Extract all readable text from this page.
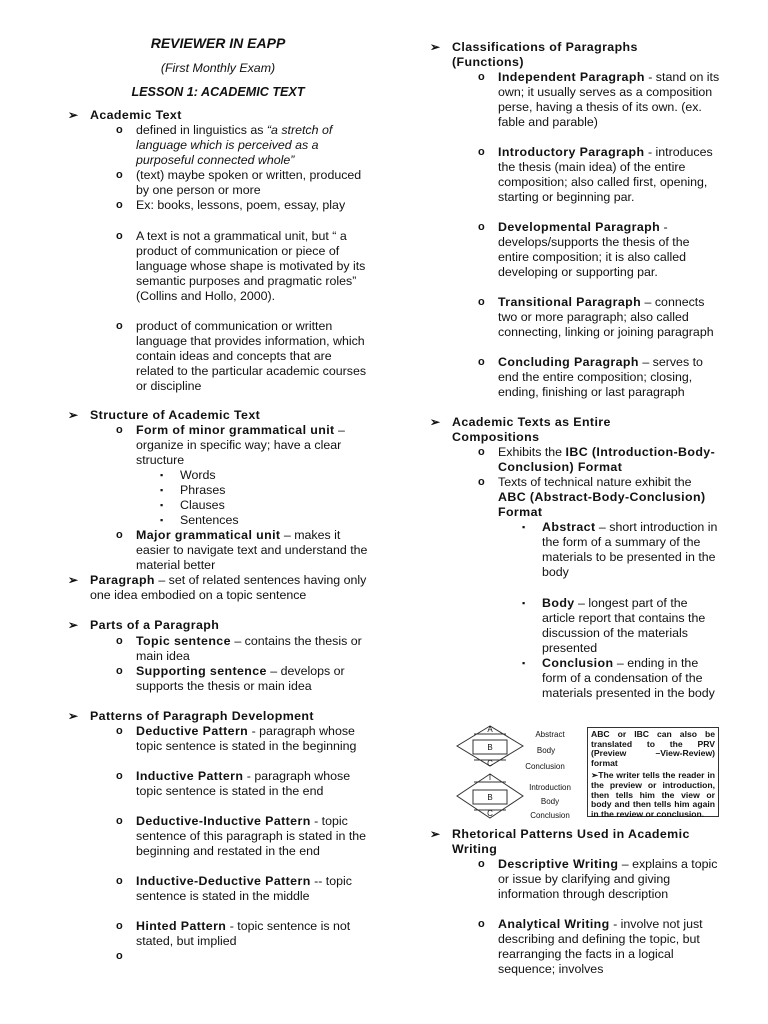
REVIEWER IN EAPP
(First Monthly Exam)
LESSON 1: ACADEMIC TEXT
➢ Academic Text
o defined in linguistics as “a stretch of language which is perceived as a purposeful connected whole”
o (text) maybe spoken or written, produced by one person or more
o Ex: books, lessons, poem, essay, play
o A text is not a grammatical unit, but “ a product of communication or piece of language whose shape is motivated by its semantic purposes and pragmatic roles” (Collins and Hollo, 2000).
o product of communication or written language that provides information, which contain ideas and concepts that are related to the particular academic courses or discipline
➢ Structure of Academic Text
o Form of minor grammatical unit – organize in specific way; have a clear structure
▪ Words
▪ Phrases
▪ Clauses
▪ Sentences
o Major grammatical unit – makes it easier to navigate text and understand the material better
➢ Paragraph – set of related sentences having only one idea embodied on a topic sentence
➢ Parts of a Paragraph
o Topic sentence – contains the thesis or main idea
o Supporting sentence – develops or supports the thesis or main idea
➢ Patterns of Paragraph Development
o Deductive Pattern - paragraph whose topic sentence is stated in the beginning
o Inductive Pattern - paragraph whose topic sentence is stated in the end
o Deductive-Inductive Pattern - topic sentence of this paragraph is stated in the beginning and restated in the end
o Inductive-Deductive Pattern -- topic sentence is stated in the middle
o Hinted Pattern - topic sentence is not stated, but implied
o
➢ Classifications of Paragraphs (Functions)
o Independent Paragraph - stand on its own; it usually serves as a composition perse, having a thesis of its own. (ex. fable and parable)
o Introductory Paragraph - introduces the thesis (main idea) of the entire composition; also called first, opening, starting or beginning par.
o Developmental Paragraph - develops/supports the thesis of the entire composition; it is also called developing or supporting par.
o Transitional Paragraph – connects two or more paragraph; also called connecting, linking or joining paragraph
o Concluding Paragraph – serves to end the entire composition; closing, ending, finishing or last paragraph
➢ Academic Texts as Entire Compositions
o Exhibits the IBC (Introduction-Body-Conclusion) Format
o Texts of technical nature exhibit the ABC (Abstract-Body-Conclusion) Format
▪ Abstract – short introduction in the form of a summary of the materials to be presented in the body
▪ Body – longest part of the article report that contains the discussion of the materials presented
▪ Conclusion – ending in the form of a condensation of the materials presented in the body
➢ Rhetorical Patterns Used in Academic Writing
o Descriptive Writing – explains a topic or issue by clarifying and giving information through description
o Analytical Writing - involve not just describing and defining the topic, but rearranging the facts in a logical sequence; involves
A
B
C
I
B
C
Abstract
Body
Conclusion
Introduction
Body
Conclusion

ABC or IBC can also be translated to the PRV (Preview –View-Review) format

➢The writer tells the reader in the preview or introduction, then tells him the view or body and then tells him again in the review or conclusion.
